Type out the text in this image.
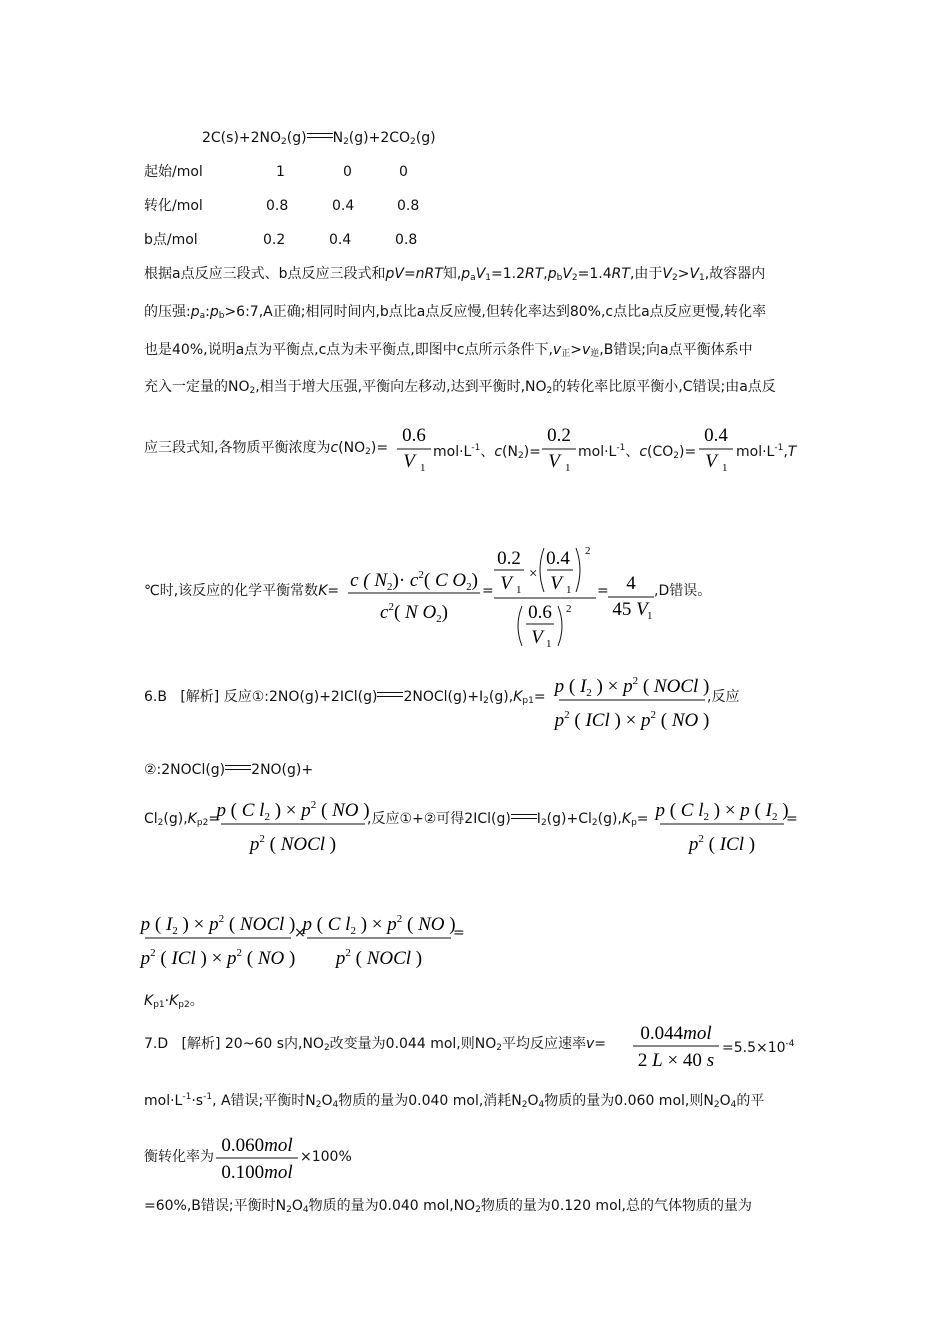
$2C(s)+2NO_2(g)$ $N_2(g)+2CO_2(g)$
起始/mol	1	0	0
转化/mol	0.8	0.4	0.8
b点/mol	0.2	0.4	0.8
根据a点反应三段式、b点反应三段式和pV=nRT知$,p_aV_1=1.2RT,p_bV_2=1.4RT$,由于$V_2>V_1$,故容器内
的压强$:p_a:p_b>6:7,A$正确;相同时间内,b点比a点反应慢,但转化率达到80%,c点比a点反应更慢,转化率
也是40%,说明a点为平衡点,c点为未平衡点,即图中c点所示条件下$,v_正>v_逆,B$错误;向a点平衡体系中
充入一定量的$NO_2$,相当于增大压强,平衡向左移动,达到平衡时$,NO_2$的转化率比原平衡小,C错误;由a点反
应三段式知,各物质平衡浓度为$c(NO_2)=$
0.6
V 1
$mol\cdot L^{-1}$、$c(N_2)=$
0.2
V 1
$mol\cdot L^{-1}$、$c(CO_2)=$
0.4
V 1
$mol\cdot L^{-1},T$
℃时,该反应的化学平衡常数K= c ( $N_2)\cdot c^2$( C $O_2$)
$c^2$( N $O_2$)
=
0.2
V 1
×
0.4
V 1
2
0.6
V 1
2
= 4
45 V 1
,D错误。
6.B [解析] 反应①:2NO(g)+2ICl(g) $2NOCl(g)+I_2(g),K_{p1}= p$ ( $I_2$ ) × $p^2$ ( NOCl )
$p^2$ ( ICl ) × $p^2$ ( NO )
,反应
②:2NOCl(g) 2NO(g)+
$Cl_2(g),K_{p2}=$
p ( C $l_2$ ) × $p^2$ ( NO )
$p^2$ ( NOCl )
,反应①+②可得2ICl(g) $I_2(g)+Cl_2(g),K_p= p$ ( C $l_2$ ) × p ( $I_2$ )
$p^2$ ( ICl )
=
p ( $I_2$ ) × $p^2$ ( NOCl )
$p^2$ ( ICl ) × $p^2$ ( NO )
×
p ( C $l_2$ ) × $p^2$ ( NO )
$p^2$ ( NOCl )
=
$K_{p1}\cdot K_{p2}$。
7.D [解析] 20~60 s内$,NO_2$改变量为0.044 mol,则$NO_2$平均反应速率v= 0.044mol
2 L × 40 s
$=5.5\times 10^{-4}$
$mol\cdot L^{-1}\cdot s^{-1}$, A错误;平衡时$N_2O_4$物质的量为0.040 mol,消耗$N_2O_4$物质的量为0.060 mol,则$N_2O_4$的平
衡转化率为
0.060mol
0.100mol
×100%
=60%,B错误;平衡时$N_2O_4$物质的量为0.040 $mol,NO_2$物质的量为0.120 mol,总的气体物质的量为
